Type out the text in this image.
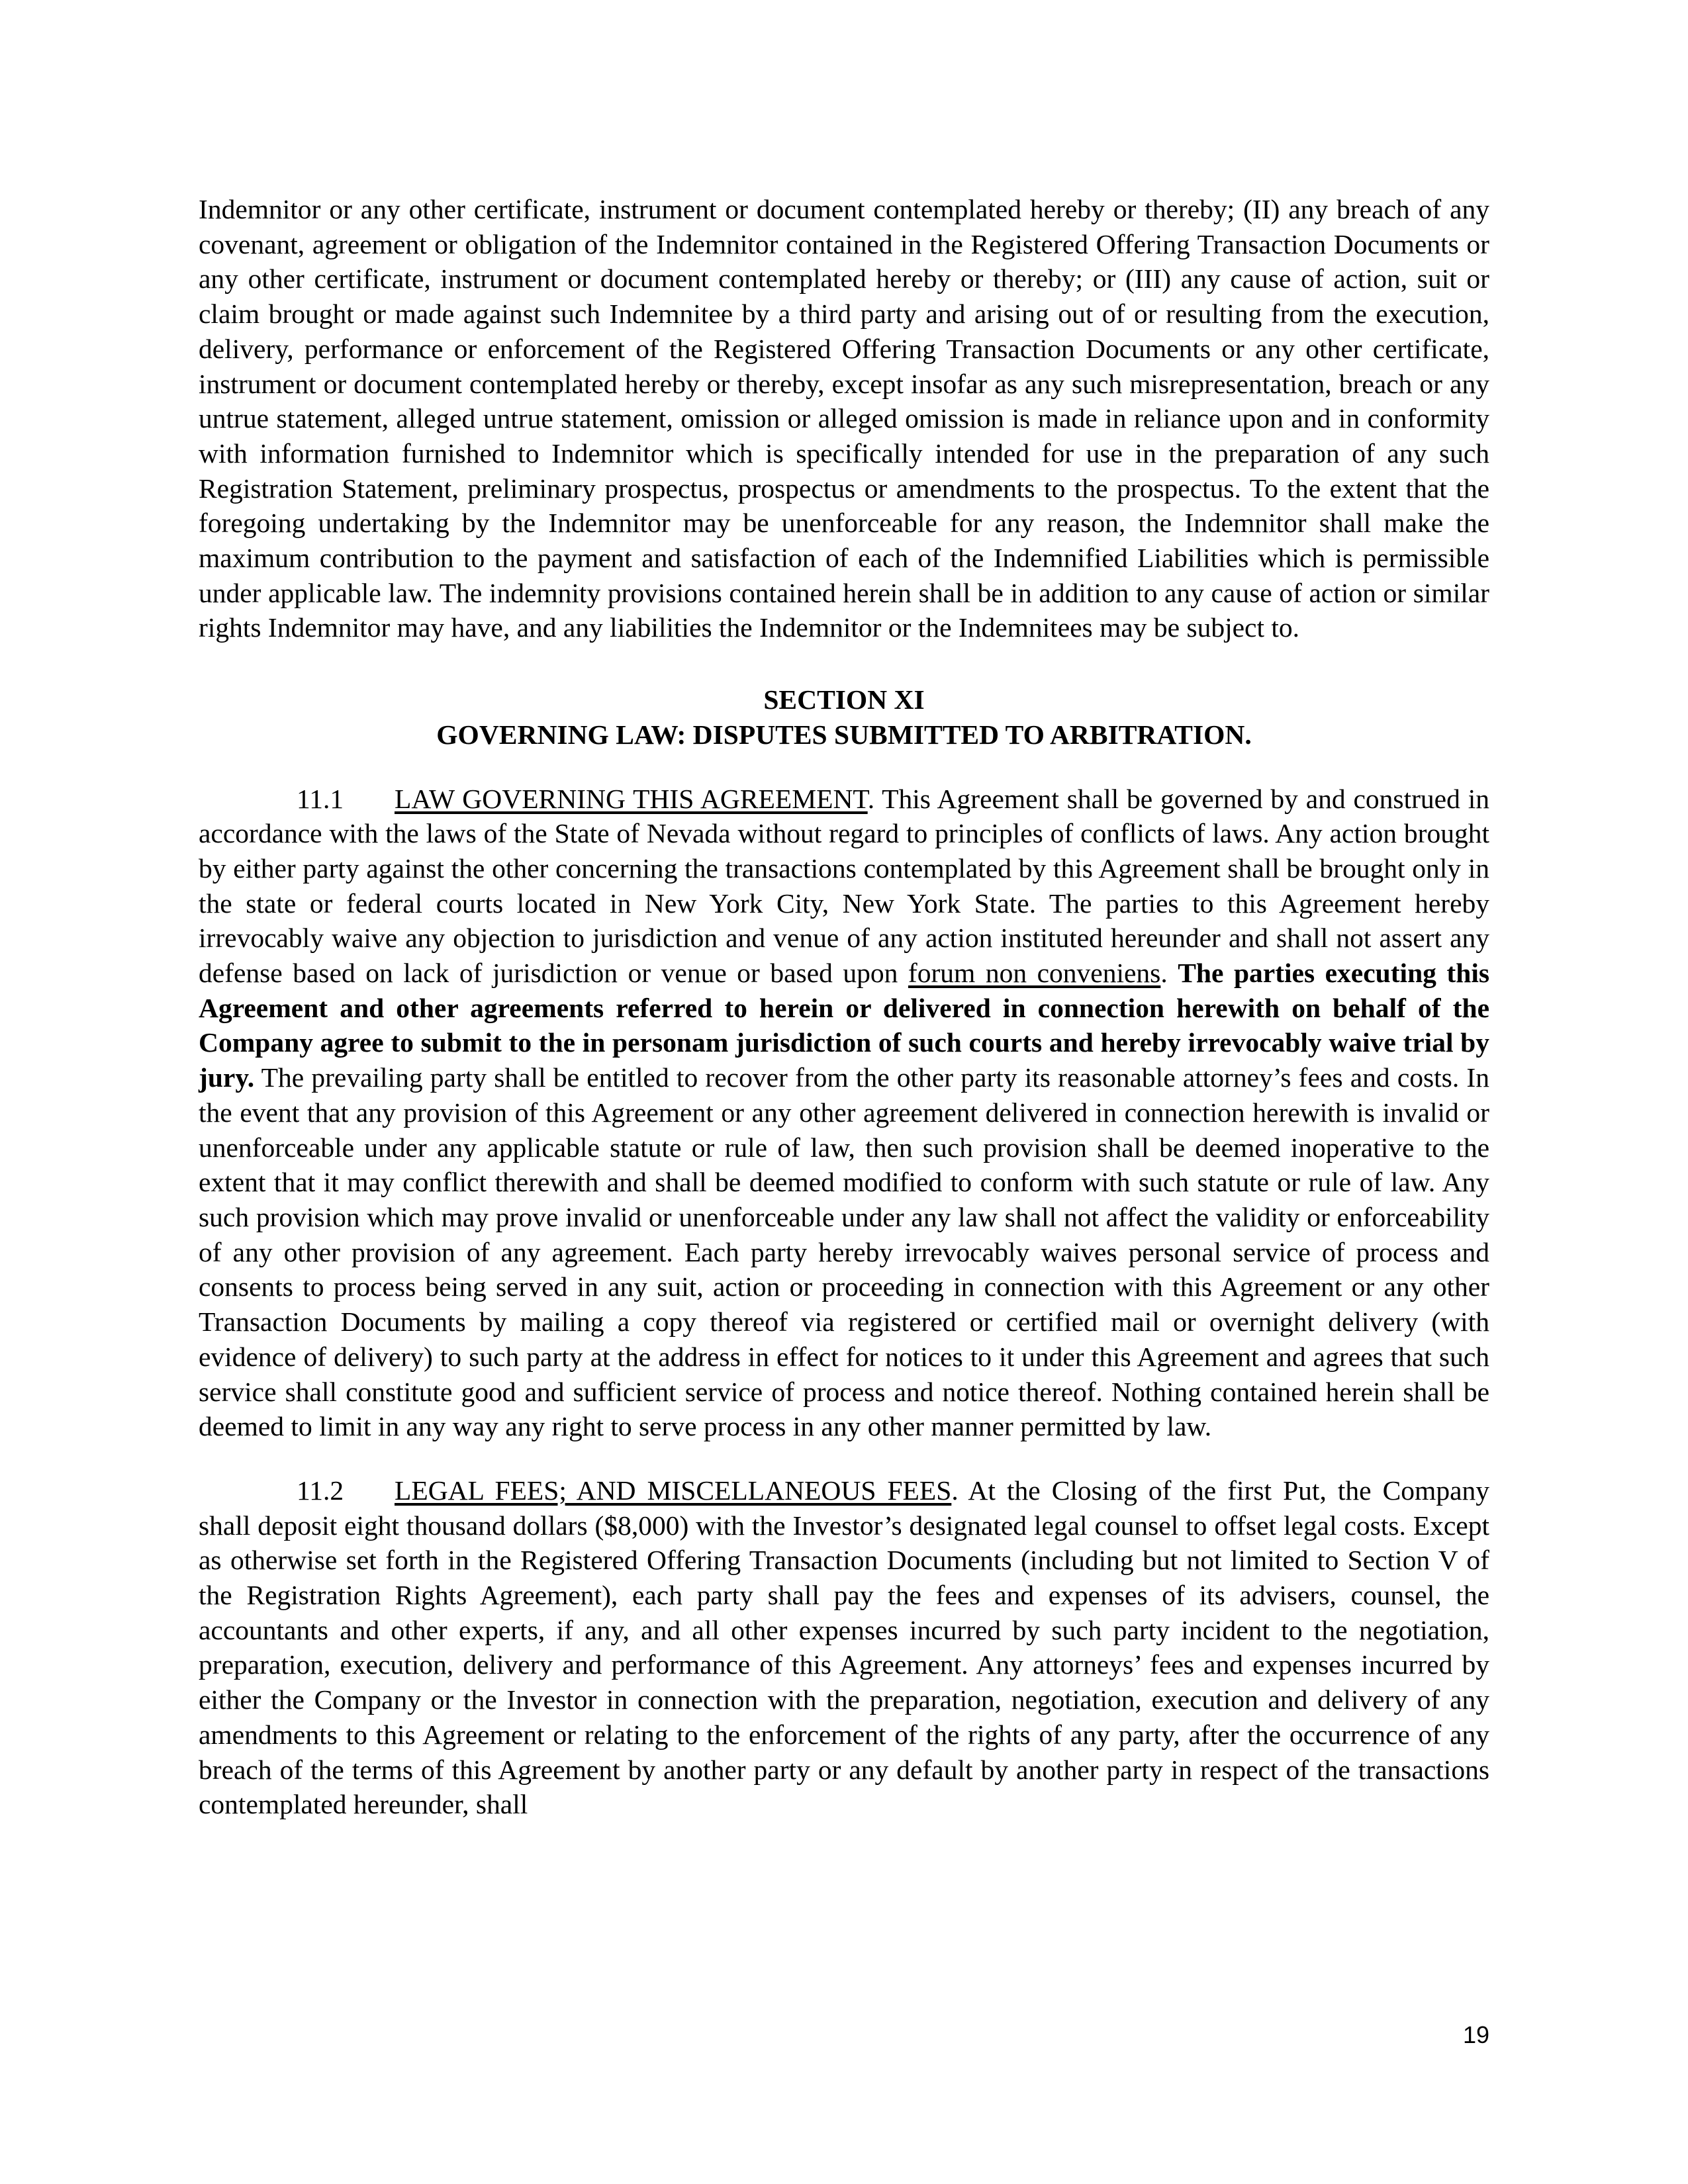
Indemnitor or any other certificate, instrument or document contemplated hereby or thereby; (II) any breach of any covenant, agreement or obligation of the Indemnitor contained in the Registered Offering Transaction Documents or any other certificate, instrument or document contemplated hereby or thereby; or (III) any cause of action, suit or claim brought or made against such Indemnitee by a third party and arising out of or resulting from the execution, delivery, performance or enforcement of the Registered Offering Transaction Documents or any other certificate, instrument or document contemplated hereby or thereby, except insofar as any such misrepresentation, breach or any untrue statement, alleged untrue statement, omission or alleged omission is made in reliance upon and in conformity with information furnished to Indemnitor which is specifically intended for use in the preparation of any such Registration Statement, preliminary prospectus, prospectus or amendments to the prospectus. To the extent that the foregoing undertaking by the Indemnitor may be unenforceable for any reason, the Indemnitor shall make the maximum contribution to the payment and satisfaction of each of the Indemnified Liabilities which is permissible under applicable law. The indemnity provisions contained herein shall be in addition to any cause of action or similar rights Indemnitor may have, and any liabilities the Indemnitor or the Indemnitees may be subject to.

SECTION XI

GOVERNING LAW: DISPUTES SUBMITTED TO ARBITRATION.

11.1 LAW GOVERNING THIS AGREEMENT. This Agreement shall be governed by and construed in accordance with the laws of the State of Nevada without regard to principles of conflicts of laws. Any action brought by either party against the other concerning the transactions contemplated by this Agreement shall be brought only in the state or federal courts located in New York City, New York State. The parties to this Agreement hereby irrevocably waive any objection to jurisdiction and venue of any action instituted hereunder and shall not assert any defense based on lack of jurisdiction or venue or based upon forum non conveniens. The parties executing this Agreement and other agreements referred to herein or delivered in connection herewith on behalf of the Company agree to submit to the in personam jurisdiction of such courts and hereby irrevocably waive trial by jury. The prevailing party shall be entitled to recover from the other party its reasonable attorney’s fees and costs. In the event that any provision of this Agreement or any other agreement delivered in connection herewith is invalid or unenforceable under any applicable statute or rule of law, then such provision shall be deemed inoperative to the extent that it may conflict therewith and shall be deemed modified to conform with such statute or rule of law. Any such provision which may prove invalid or unenforceable under any law shall not affect the validity or enforceability of any other provision of any agreement. Each party hereby irrevocably waives personal service of process and consents to process being served in any suit, action or proceeding in connection with this Agreement or any other Transaction Documents by mailing a copy thereof via registered or certified mail or overnight delivery (with evidence of delivery) to such party at the address in effect for notices to it under this Agreement and agrees that such service shall constitute good and sufficient service of process and notice thereof. Nothing contained herein shall be deemed to limit in any way any right to serve process in any other manner permitted by law.

11.2 LEGAL FEES; AND MISCELLANEOUS FEES. At the Closing of the first Put, the Company shall deposit eight thousand dollars ($8,000) with the Investor’s designated legal counsel to offset legal costs. Except as otherwise set forth in the Registered Offering Transaction Documents (including but not limited to Section V of the Registration Rights Agreement), each party shall pay the fees and expenses of its advisers, counsel, the accountants and other experts, if any, and all other expenses incurred by such party incident to the negotiation, preparation, execution, delivery and performance of this Agreement. Any attorneys’ fees and expenses incurred by either the Company or the Investor in connection with the preparation, negotiation, execution and delivery of any amendments to this Agreement or relating to the enforcement of the rights of any party, after the occurrence of any breach of the terms of this Agreement by another party or any default by another party in respect of the transactions contemplated hereunder, shall

19
